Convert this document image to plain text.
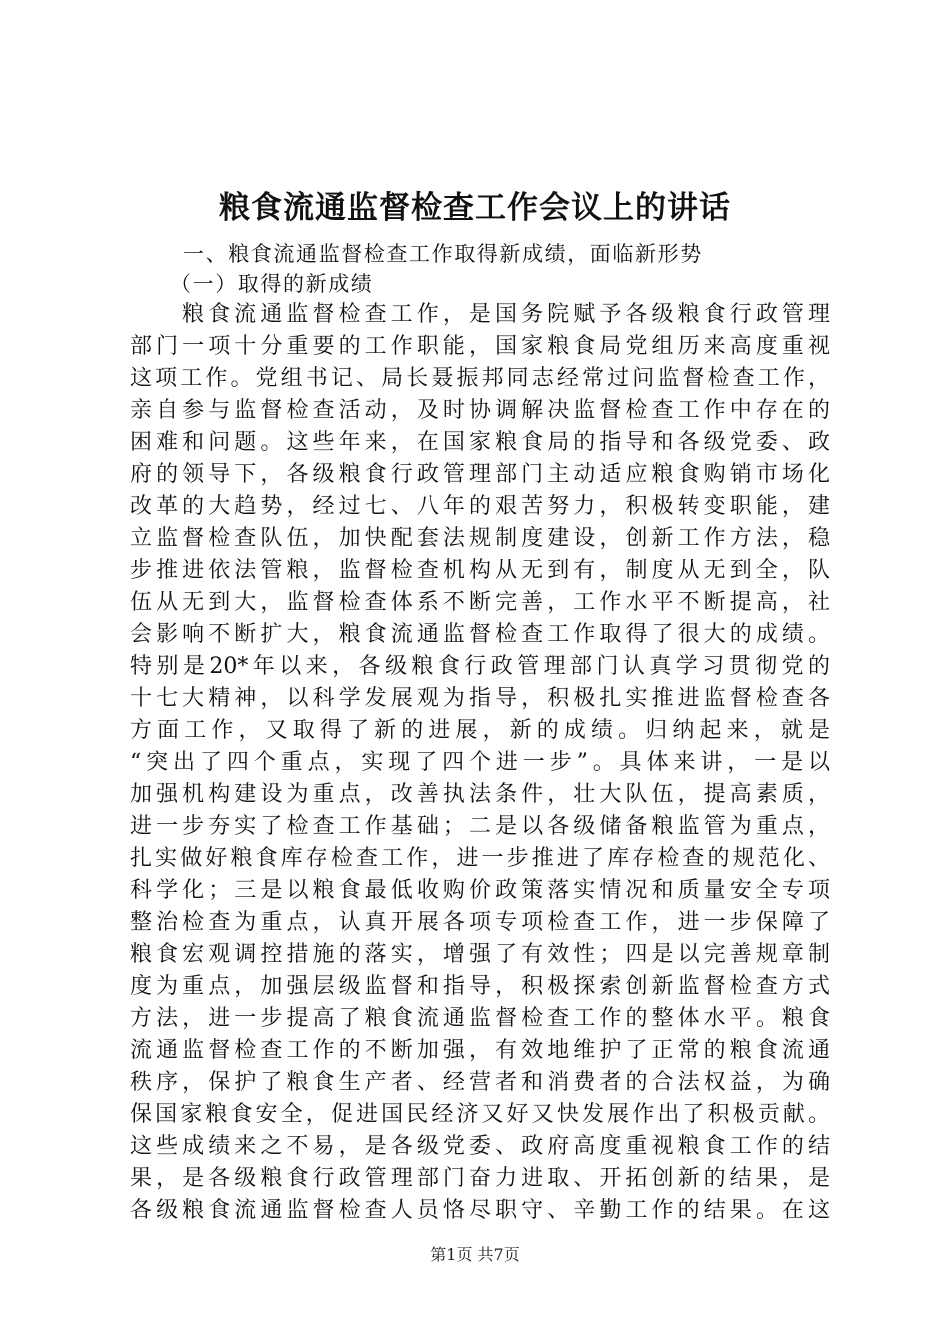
粮食流通监督检查工作会议上的讲话

一、粮食流通监督检查工作取得新成绩，面临新形势

（一）取得的新成绩

粮食流通监督检查工作，是国务院赋予各级粮食行政管理
部门一项十分重要的工作职能，国家粮食局党组历来高度重视
这项工作。党组书记、局长聂振邦同志经常过问监督检查工作，
亲自参与监督检查活动，及时协调解决监督检查工作中存在的
困难和问题。这些年来，在国家粮食局的指导和各级党委、政
府的领导下，各级粮食行政管理部门主动适应粮食购销市场化
改革的大趋势，经过七、八年的艰苦努力，积极转变职能，建
立监督检查队伍，加快配套法规制度建设，创新工作方法，稳
步推进依法管粮，监督检查机构从无到有，制度从无到全，队
伍从无到大，监督检查体系不断完善，工作水平不断提高，社
会影响不断扩大，粮食流通监督检查工作取得了很大的成绩。
特别是20*年以来，各级粮食行政管理部门认真学习贯彻党的
十七大精神，以科学发展观为指导，积极扎实推进监督检查各
方面工作，又取得了新的进展，新的成绩。归纳起来，就是
“突出了四个重点，实现了四个进一步”。具体来讲，一是以
加强机构建设为重点，改善执法条件，壮大队伍，提高素质，
进一步夯实了检查工作基础；二是以各级储备粮监管为重点，
扎实做好粮食库存检查工作，进一步推进了库存检查的规范化、
科学化；三是以粮食最低收购价政策落实情况和质量安全专项
整治检查为重点，认真开展各项专项检查工作，进一步保障了
粮食宏观调控措施的落实，增强了有效性；四是以完善规章制
度为重点，加强层级监督和指导，积极探索创新监督检查方式
方法，进一步提高了粮食流通监督检查工作的整体水平。粮食
流通监督检查工作的不断加强，有效地维护了正常的粮食流通
秩序，保护了粮食生产者、经营者和消费者的合法权益，为确
保国家粮食安全，促进国民经济又好又快发展作出了积极贡献。
这些成绩来之不易，是各级党委、政府高度重视粮食工作的结
果，是各级粮食行政管理部门奋力进取、开拓创新的结果，是
各级粮食流通监督检查人员恪尽职守、辛勤工作的结果。在这
第1页 共7页
